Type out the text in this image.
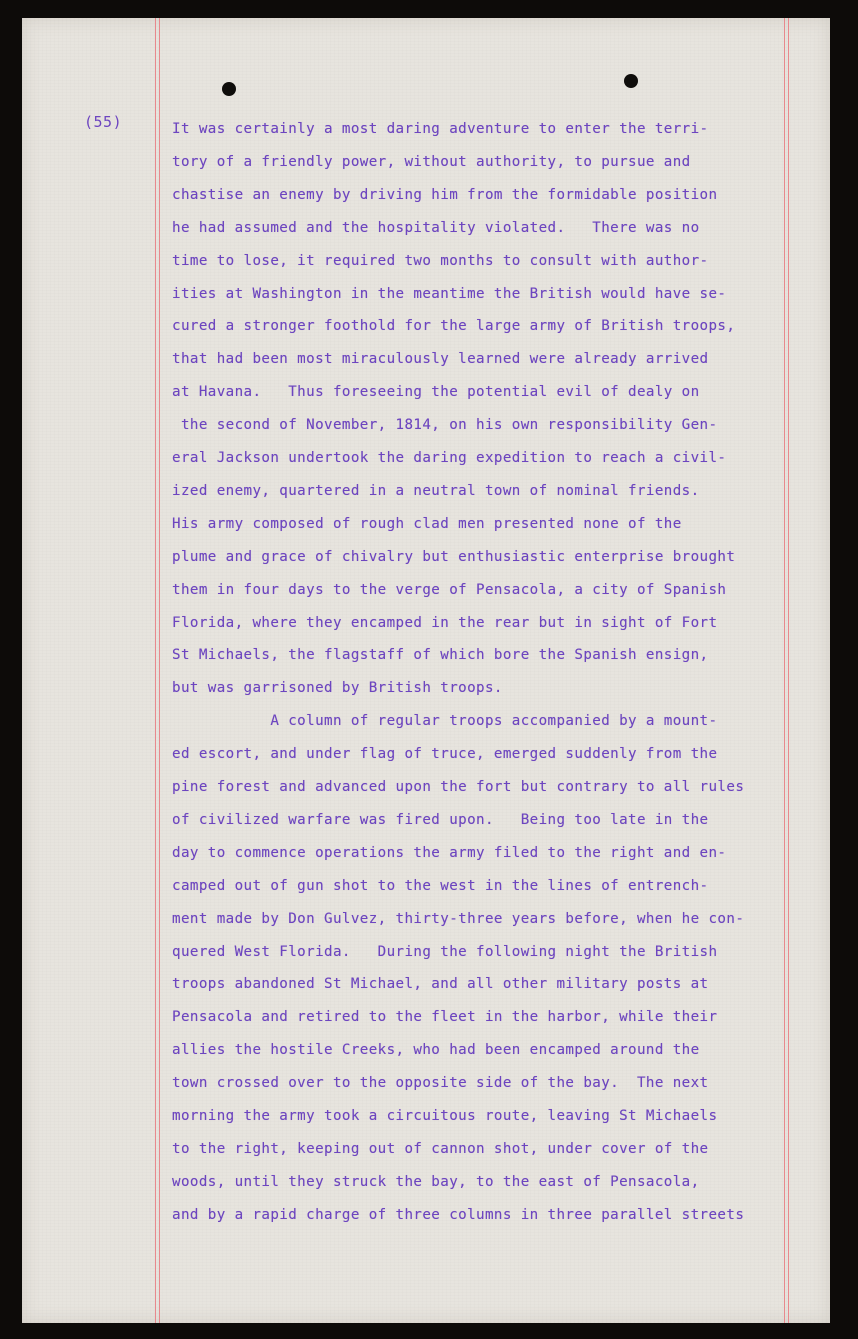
(55)	It was certainly a most daring adventure to enter the terri-
tory of a friendly power, without authority, to pursue and
chastise an enemy by driving him from the formidable position
he had assumed and the hospitality violated.   There was no
time to lose, it required two months to consult with author-
ities at Washington in the meantime the British would have se-
cured a stronger foothold for the large army of British troops,
that had been most miraculously learned were already arrived
at Havana.   Thus foreseeing the potential evil of dealy on
the second of November, 1814, on his own responsibility Gen-
eral Jackson undertook the daring expedition to reach a civil-
ized enemy, quartered in a neutral town of nominal friends.
His army composed of rough clad men presented none of the
plume and grace of chivalry but enthusiastic enterprise brought
them in four days to the verge of Pensacola, a city of Spanish
Florida, where they encamped in the rear but in sight of Fort
St Michaels, the flagstaff of which bore the Spanish ensign,
but was garrisoned by British troops.
A column of regular troops accompanied by a mount-
ed escort, and under flag of truce, emerged suddenly from the
pine forest and advanced upon the fort but contrary to all rules
of civilized warfare was fired upon.   Being too late in the
day to commence operations the army filed to the right and en-
camped out of gun shot to the west in the lines of entrench-
ment made by Don Gulvez, thirty-three years before, when he con-
quered West Florida.   During the following night the British
troops abandoned St Michael, and all other military posts at
Pensacola and retired to the fleet in the harbor, while their
allies the hostile Creeks, who had been encamped around the
town crossed over to the opposite side of the bay.  The next
morning the army took a circuitous route, leaving St Michaels
to the right, keeping out of cannon shot, under cover of the
woods, until they struck the bay, to the east of Pensacola,
and by a rapid charge of three columns in three parallel streets
